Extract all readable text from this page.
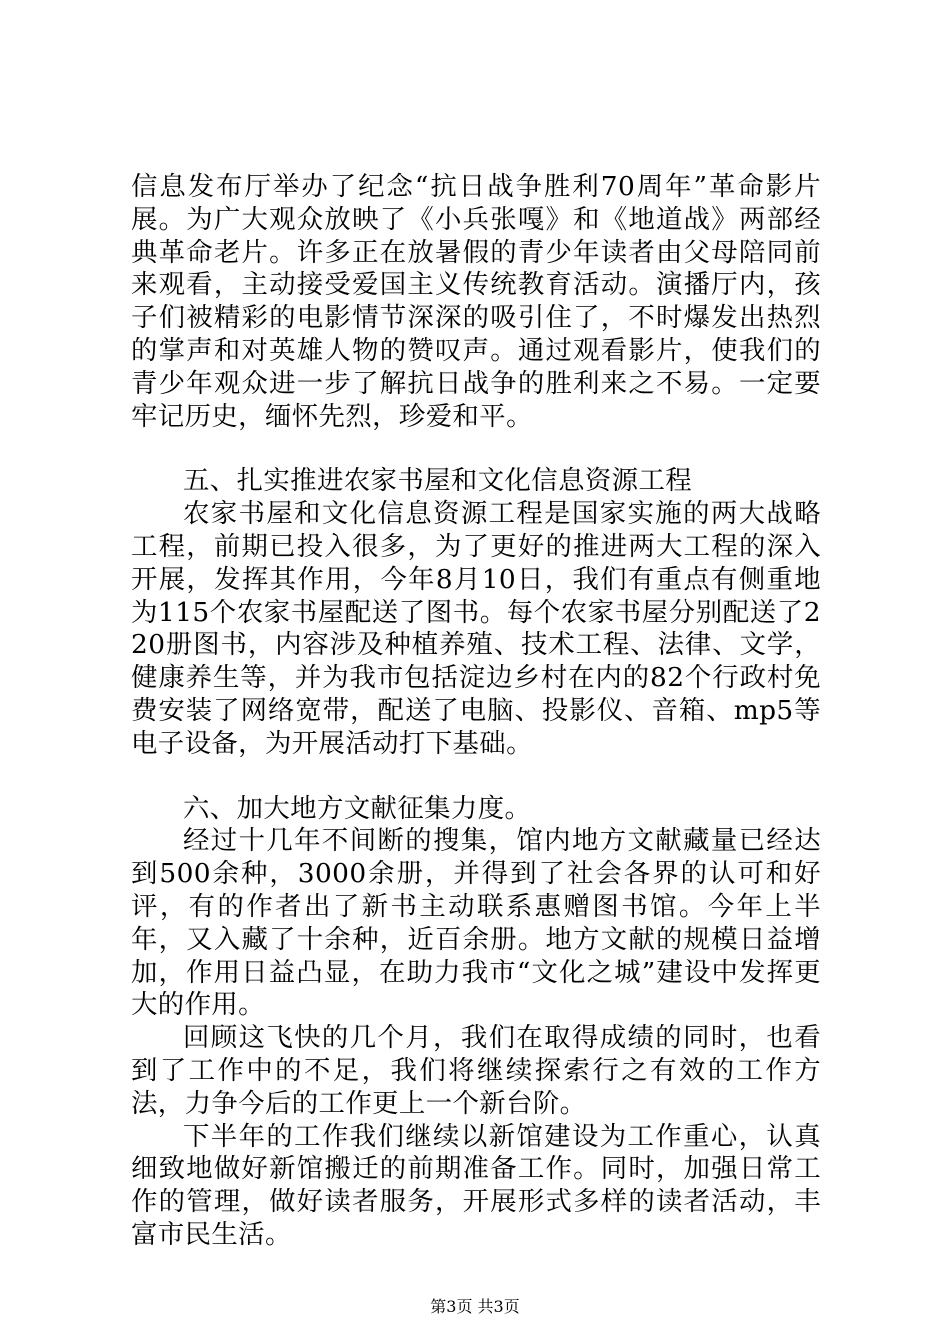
信息发布厅举办了纪念“抗日战争胜利70周年”革命影片展。为广大观众放映了《小兵张嘎》和《地道战》两部经典革命老片。许多正在放暑假的青少年读者由父母陪同前来观看，主动接受爱国主义传统教育活动。演播厅内，孩子们被精彩的电影情节深深的吸引住了，不时爆发出热烈的掌声和对英雄人物的赞叹声。通过观看影片，使我们的青少年观众进一步了解抗日战争的胜利来之不易。一定要牢记历史，缅怀先烈，珍爱和平。

五、扎实推进农家书屋和文化信息资源工程

农家书屋和文化信息资源工程是国家实施的两大战略工程，前期已投入很多，为了更好的推进两大工程的深入开展，发挥其作用，今年8月10日，我们有重点有侧重地为115个农家书屋配送了图书。每个农家书屋分别配送了220册图书，内容涉及种植养殖、技术工程、法律、文学，健康养生等，并为我市包括淀边乡村在内的82个行政村免费安装了网络宽带，配送了电脑、投影仪、音箱、mp5等电子设备，为开展活动打下基础。

六、加大地方文献征集力度。

经过十几年不间断的搜集，馆内地方文献藏量已经达到500余种，3000余册，并得到了社会各界的认可和好评，有的作者出了新书主动联系惠赠图书馆。今年上半年，又入藏了十余种，近百余册。地方文献的规模日益增加，作用日益凸显，在助力我市“文化之城”建设中发挥更大的作用。

回顾这飞快的几个月，我们在取得成绩的同时，也看到了工作中的不足，我们将继续探索行之有效的工作方法，力争今后的工作更上一个新台阶。

下半年的工作我们继续以新馆建设为工作重心，认真细致地做好新馆搬迁的前期准备工作。同时，加强日常工作的管理，做好读者服务，开展形式多样的读者活动，丰富市民生活。

第3页 共3页
